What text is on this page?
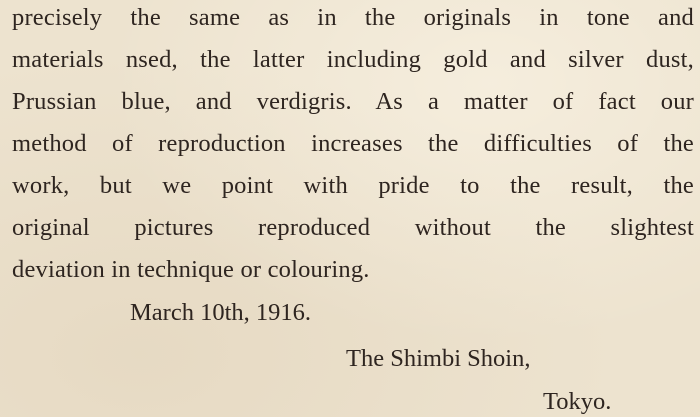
precisely the same as in the originals in tone and
materials nsed, the latter including gold and silver dust,
Prussian blue, and verdigris. As a matter of fact our
method of reproduction increases the difficulties of the
work, but we point with pride to the result, the
original pictures reproduced without the slightest
deviation in technique or colouring.
March 10th, 1916.
The Shimbi Shoin,
Tokyo.
